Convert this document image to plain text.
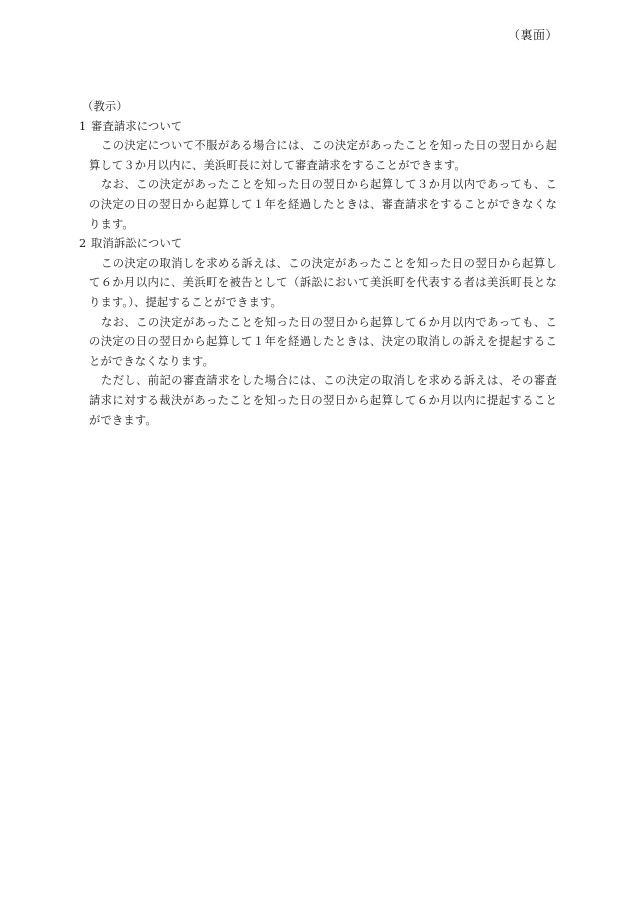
（裏面）

（教示）

1 審査請求について

この決定について不服がある場合には、この決定があったことを知った日の翌日から起算して３か月以内に、美浜町長に対して審査請求をすることができます。

なお、この決定があったことを知った日の翌日から起算して３か月以内であっても、この決定の日の翌日から起算して１年を経過したときは、審査請求をすることができなくなります。

2 取消訴訟について

この決定の取消しを求める訴えは、この決定があったことを知った日の翌日から起算して６か月以内に、美浜町を被告として（訴訟において美浜町を代表する者は美浜町長となります。）、提起することができます。

なお、この決定があったことを知った日の翌日から起算して６か月以内であっても、この決定の日の翌日から起算して１年を経過したときは、決定の取消しの訴えを提起することができなくなります。

ただし、前記の審査請求をした場合には、この決定の取消しを求める訴えは、その審査請求に対する裁決があったことを知った日の翌日から起算して６か月以内に提起することができます。
